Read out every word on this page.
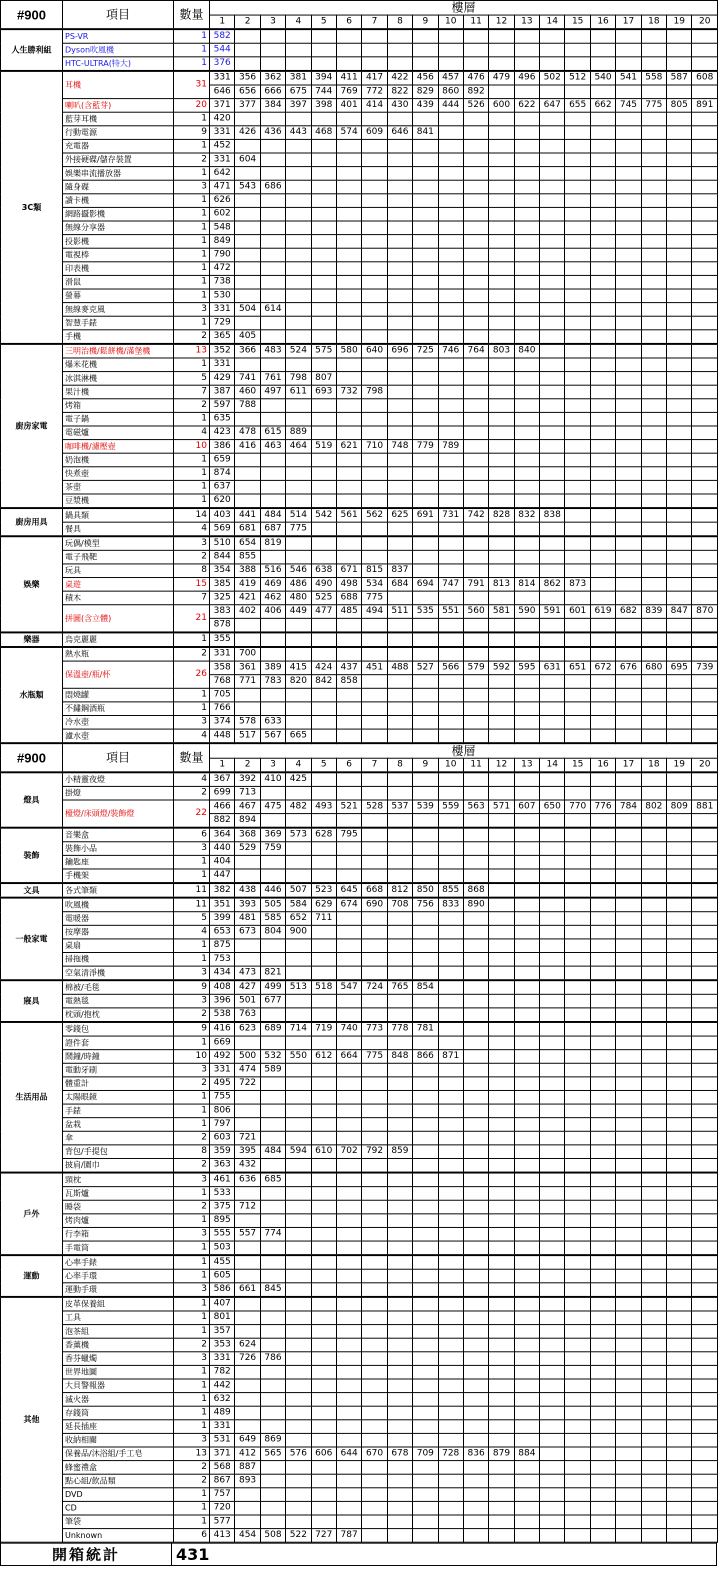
#900	項目	數量	樓層																			
			1	2	3	4	5	6	7	8	9	10	11	12	13	14	15	16	17	18	19	20
人生勝利組	PS-VR	1	582																			
	Dyson吹風機	1	544																			
	HTC-ULTRA(特大)	1	376																			
3C類	耳機	31	331	356	362	381	394	411	417	422	456	457	476	479	496	502	512	540	541	558	587	608
			646	656	666	675	744	769	772	822	829	860	892									
	喇叭(含藍芽)	20	371	377	384	397	398	401	414	430	439	444	526	600	622	647	655	662	745	775	805	891
	藍芽耳機	1	420																			
	行動電源	9	331	426	436	443	468	574	609	646	841											
	充電器	1	452																			
	外接硬碟/儲存裝置	2	331	604																		
	娛樂串流播放器	1	642																			
	隨身碟	3	471	543	686																	
	讀卡機	1	626																			
	網路攝影機	1	602																			
	無線分享器	1	548																			
	投影機	1	849																			
	電視棒	1	790																			
	印表機	1	472																			
	滑鼠	1	738																			
	螢幕	1	530																			
	無線麥克風	3	331	504	614																	
	智慧手錶	1	729																			
	手機	2	365	405																		
廚房家電	三明治機/鬆餅機/滿堡機	13	352	366	483	524	575	580	640	696	725	746	764	803	840							
	爆米花機	1	331																			
	冰淇淋機	5	429	741	761	798	807															
	果汁機	7	387	460	497	611	693	732	798													
	烤箱	2	597	788																		
	電子鍋	1	635																			
	電磁爐	4	423	478	615	889																
	咖啡機/濾壓壺	10	386	416	463	464	519	621	710	748	779	789										
	奶泡機	1	659																			
	快煮壺	1	874																			
	茶壺	1	637																			
	豆漿機	1	620																			
廚房用具	鍋具類	14	403	441	484	514	542	561	562	625	691	731	742	828	832	838						
	餐具	4	569	681	687	775																
娛樂	玩偶/模型	3	510	654	819																	
	電子飛靶	2	844	855																		
	玩具	8	354	388	516	546	638	671	815	837												
	桌遊	15	385	419	469	486	490	498	534	684	694	747	791	813	814	862	873					
	積木	7	325	421	462	480	525	688	775													
	拼圖(含立體)	21	383	402	406	449	477	485	494	511	535	551	560	581	590	591	601	619	682	839	847	870
			878																			
樂器	烏克麗麗	1	355																			
水瓶類	熱水瓶	2	331	700																		
	保溫壺/瓶/杯	26	358	361	389	415	424	437	451	488	527	566	579	592	595	631	651	672	676	680	695	739
			768	771	783	820	842	858														
	悶燒罐	1	705																			
	不鏽鋼酒瓶	1	766																			
	冷水壺	3	374	578	633																	
	濾水壺	4	448	517	567	665																
#900	項目	數量	樓層																			
			1	2	3	4	5	6	7	8	9	10	11	12	13	14	15	16	17	18	19	20
燈具	小精靈夜燈	4	367	392	410	425																
	掛燈	2	699	713																		
	檯燈/床頭燈/裝飾燈	22	466	467	475	482	493	521	528	537	539	559	563	571	607	650	770	776	784	802	809	881
			882	894																		
裝飾	音樂盒	6	364	368	369	573	628	795														
	裝飾小品	3	440	529	759																	
	鑰匙座	1	404																			
	手機架	1	447																			
文具	各式筆類	11	382	438	446	507	523	645	668	812	850	855	868									
一般家電	吹風機	11	351	393	505	584	629	674	690	708	756	833	890									
	電暖器	5	399	481	585	652	711															
	按摩器	4	653	673	804	900																
	桌扇	1	875																			
	掃拖機	1	753																			
	空氣清淨機	3	434	473	821																	
寢具	棉被/毛毯	9	408	427	499	513	518	547	724	765	854											
	電熱毯	3	396	501	677																	
	枕頭/抱枕	2	538	763																		
生活用品	零錢包	9	416	623	689	714	719	740	773	778	781											
	證件套	1	669																			
	鬧鐘/時鐘	10	492	500	532	550	612	664	775	848	866	871										
	電動牙刷	3	331	474	589																	
	體重計	2	495	722																		
	太陽眼鏡	1	755																			
	手錶	1	806																			
	盆栽	1	797																			
	傘	2	603	721																		
	背包/手提包	8	359	395	484	594	610	702	792	859												
	披肩/圍巾	2	363	432																		
戶外	頸枕	3	461	636	685																	
	瓦斯爐	1	533																			
	睡袋	2	375	712																		
	烤肉爐	1	895																			
	行李箱	3	555	557	774																	
	手電筒	1	503																			
運動	心率手錶	1	455																			
	心率手環	1	605																			
	運動手環	3	586	661	845																	
其他	皮革保養組	1	407																			
	工具	1	801																			
	泡茶組	1	357																			
	香薰機	2	353	624																		
	香芬蠟燭	3	331	726	786																	
	世界地圖	1	782																			
	大貝警報器	1	442																			
	滅火器	1	632																			
	存錢筒	1	489																			
	延長插座	1	331																			
	收納相關	3	531	649	869																	
	保養品/沐浴組/手工皂	13	371	412	565	576	606	644	670	678	709	728	836	879	884							
	蜂蜜禮盒	2	568	887																		
	點心組/飲品類	2	867	893																		
	DVD	1	757																			
	CD	1	720																			
	筆袋	1	577																			
	Unknown	6	413	454	508	522	727	787														
開箱統計	431
